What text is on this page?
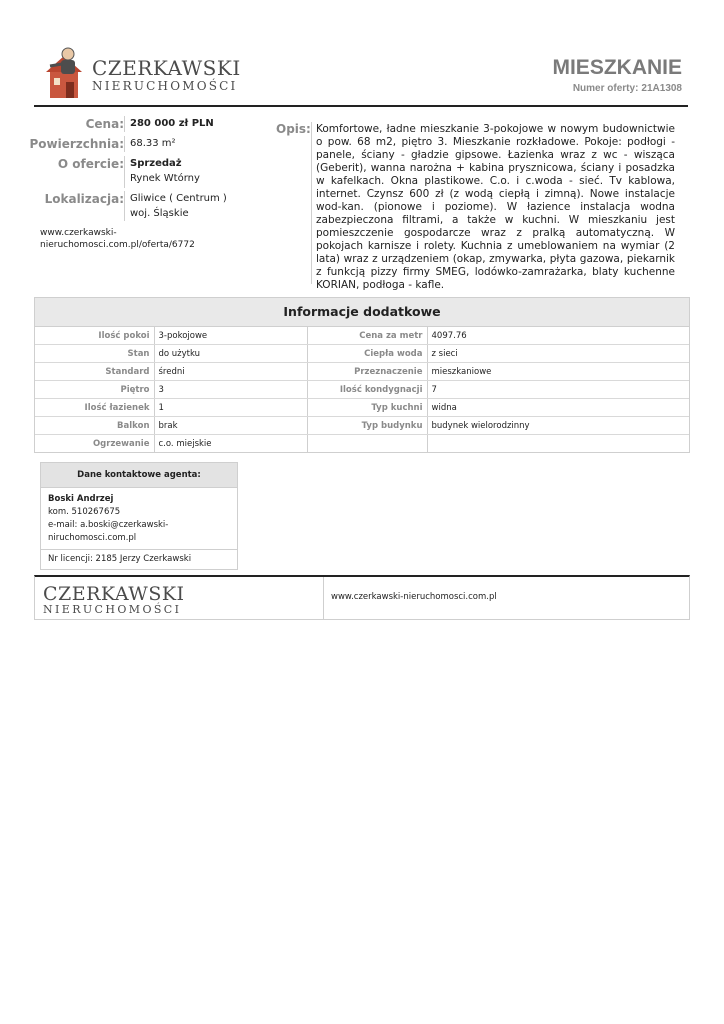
CZERKAWSKI
NIERUCHOMOŚCI
MIESZKANIE
Numer oferty: 21A1308
Cena: 280 000 zł PLN
Powierzchnia: 68.33 m²
O ofercie: Sprzedaż
Rynek Wtórny
Lokalizacja: Gliwice ( Centrum )
woj. Śląskie
www.czerkawski-
nieruchomosci.com.pl/oferta/6772
Opis: Komfortowe, ładne mieszkanie 3-pokojowe w nowym budownictwie o pow. 68 m2, piętro 3. Mieszkanie rozkładowe. Pokoje: podłogi - panele, ściany - gładzie gipsowe. Łazienka wraz z wc - wisząca (Geberit), wanna narożna + kabina prysznicowa, ściany i posadzka w kafelkach. Okna plastikowe. C.o. i c.woda - sieć. Tv kablowa, internet. Czynsz 600 zł (z wodą ciepłą i zimną). Nowe instalacje wod-kan. (pionowe i poziome). W łazience instalacja wodna zabezpieczona filtrami, a także w kuchni. W mieszkaniu jest pomieszczenie gospodarcze wraz z pralką automatyczną. W pokojach karnisze i rolety. Kuchnia z umeblowaniem na wymiar (2 lata) wraz z urządzeniem (okap, zmywarka, płyta gazowa, piekarnik z funkcją pizzy firmy SMEG, lodówko-zamrażarka, blaty kuchenne KORIAN, podłoga - kafle.
Informacje dodatkowe
Ilość pokoi	3-pokojowe	Cena za metr	4097.76
Stan	do użytku	Ciepła woda	z sieci
Standard	średni	Przeznaczenie	mieszkaniowe
Piętro	3	Ilość kondygnacji	7
Ilość łazienek	1	Typ kuchni	widna
Balkon	brak	Typ budynku	budynek wielorodzinny
Ogrzewanie	c.o. miejskie		
Dane kontaktowe agenta:
Boski Andrzej
kom. 510267675
e-mail: a.boski@czerkawski-
niruchomosci.com.pl
Nr licencji: 2185 Jerzy Czerkawski
CZERKAWSKI
NIERUCHOMOŚCI
www.czerkawski-nieruchomosci.com.pl
